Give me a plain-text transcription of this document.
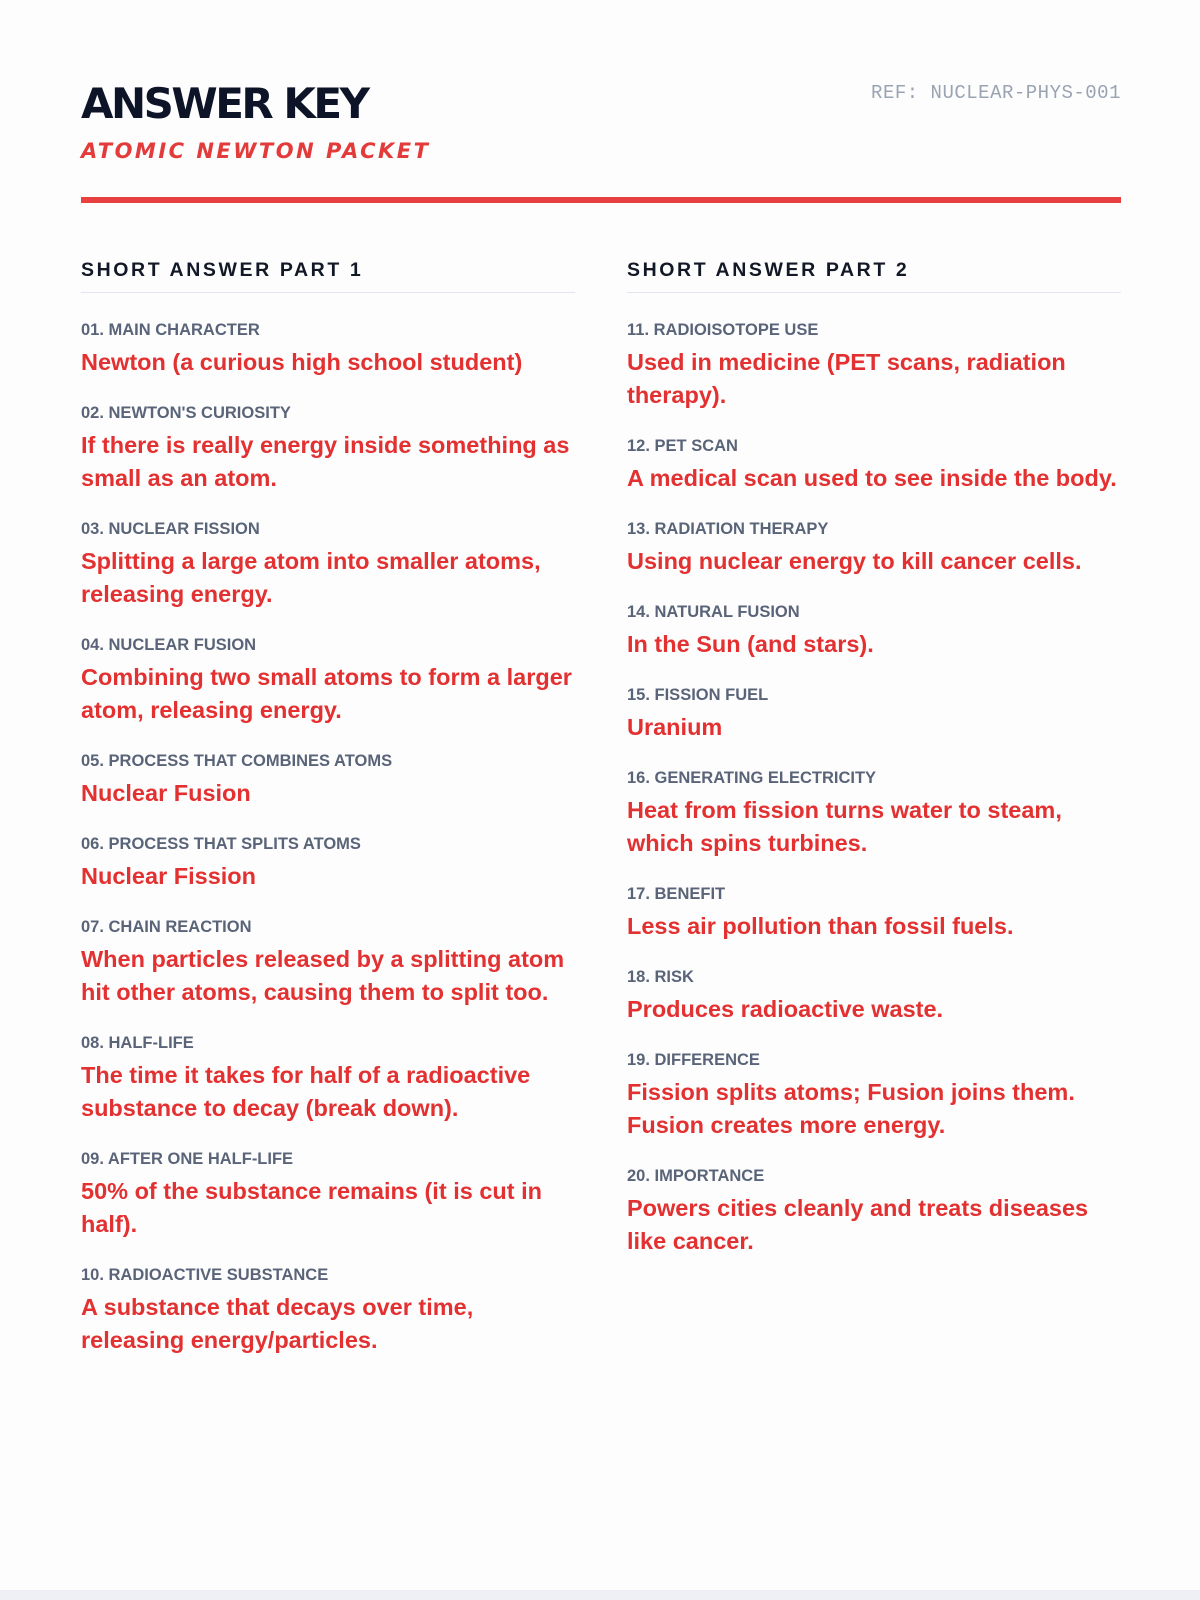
ANSWER KEY
ATOMIC NEWTON PACKET
REF: NUCLEAR-PHYS-001
SHORT ANSWER PART 1
01. MAIN CHARACTER
Newton (a curious high school student)
02. NEWTON'S CURIOSITY
If there is really energy inside something as small as an atom.
03. NUCLEAR FISSION
Splitting a large atom into smaller atoms, releasing energy.
04. NUCLEAR FUSION
Combining two small atoms to form a larger atom, releasing energy.
05. PROCESS THAT COMBINES ATOMS
Nuclear Fusion
06. PROCESS THAT SPLITS ATOMS
Nuclear Fission
07. CHAIN REACTION
When particles released by a splitting atom hit other atoms, causing them to split too.
08. HALF-LIFE
The time it takes for half of a radioactive substance to decay (break down).
09. AFTER ONE HALF-LIFE
50% of the substance remains (it is cut in half).
10. RADIOACTIVE SUBSTANCE
A substance that decays over time, releasing energy/particles.
SHORT ANSWER PART 2
11. RADIOISOTOPE USE
Used in medicine (PET scans, radiation therapy).
12. PET SCAN
A medical scan used to see inside the body.
13. RADIATION THERAPY
Using nuclear energy to kill cancer cells.
14. NATURAL FUSION
In the Sun (and stars).
15. FISSION FUEL
Uranium
16. GENERATING ELECTRICITY
Heat from fission turns water to steam, which spins turbines.
17. BENEFIT
Less air pollution than fossil fuels.
18. RISK
Produces radioactive waste.
19. DIFFERENCE
Fission splits atoms; Fusion joins them. Fusion creates more energy.
20. IMPORTANCE
Powers cities cleanly and treats diseases like cancer.
